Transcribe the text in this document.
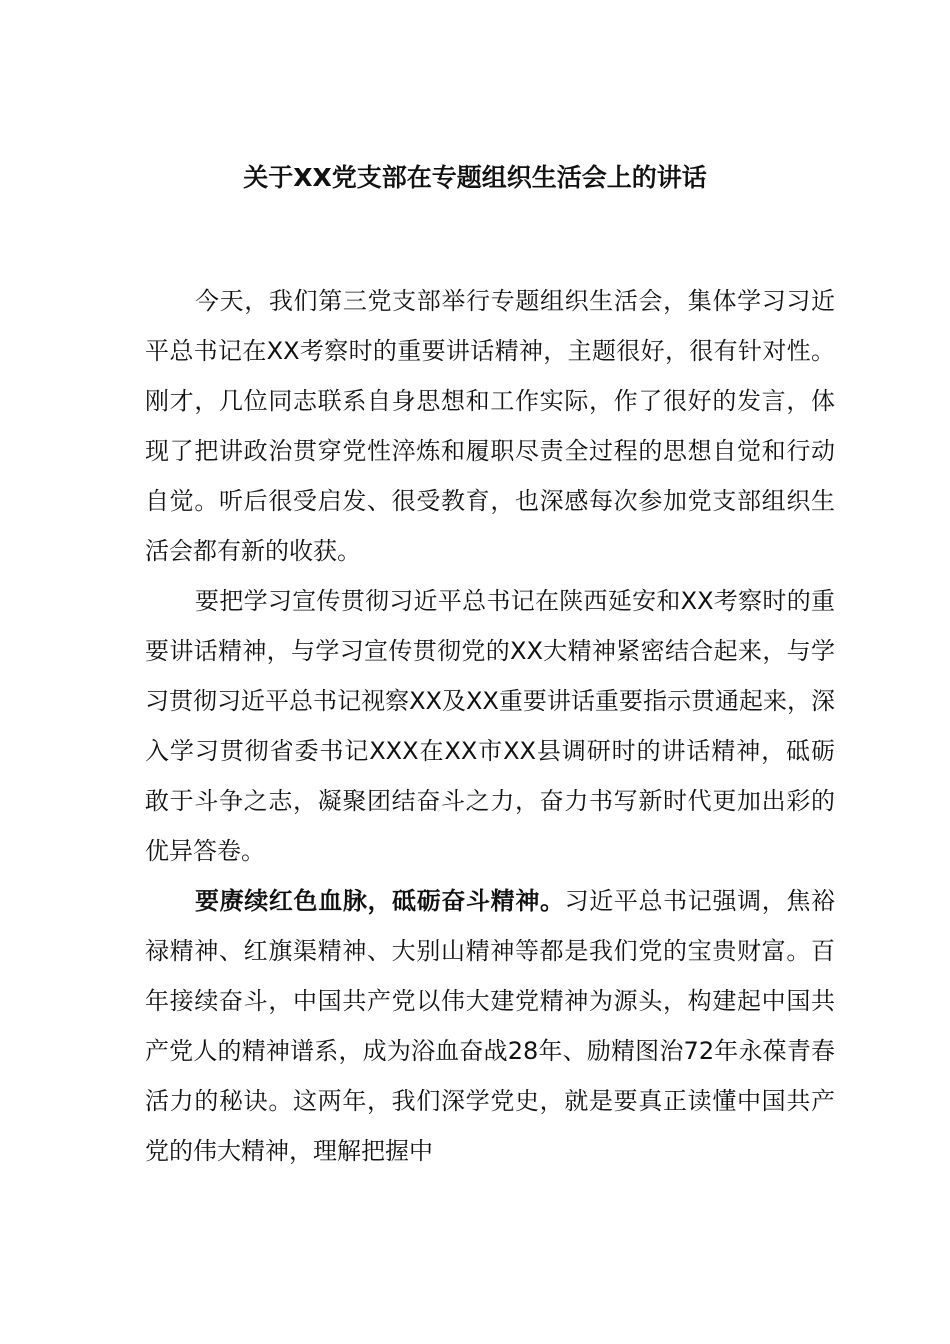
关于XX党支部在专题组织生活会上的讲话

今天，我们第三党支部举行专题组织生活会，集体学习习近平总书记在XX考察时的重要讲话精神，主题很好，很有针对性。刚才，几位同志联系自身思想和工作实际，作了很好的发言，体现了把讲政治贯穿党性淬炼和履职尽责全过程的思想自觉和行动自觉。听后很受启发、很受教育，也深感每次参加党支部组织生活会都有新的收获。

要把学习宣传贯彻习近平总书记在陕西延安和XX考察时的重要讲话精神，与学习宣传贯彻党的XX大精神紧密结合起来，与学习贯彻习近平总书记视察XX及XX重要讲话重要指示贯通起来，深入学习贯彻省委书记XXX在XX市XX县调研时的讲话精神，砥砺敢于斗争之志，凝聚团结奋斗之力，奋力书写新时代更加出彩的优异答卷。

要赓续红色血脉，砥砺奋斗精神。习近平总书记强调，焦裕禄精神、红旗渠精神、大别山精神等都是我们党的宝贵财富。百年接续奋斗，中国共产党以伟大建党精神为源头，构建起中国共产党人的精神谱系，成为浴血奋战28年、励精图治72年永葆青春活力的秘诀。这两年，我们深学党史，就是要真正读懂中国共产党的伟大精神，理解把握中
